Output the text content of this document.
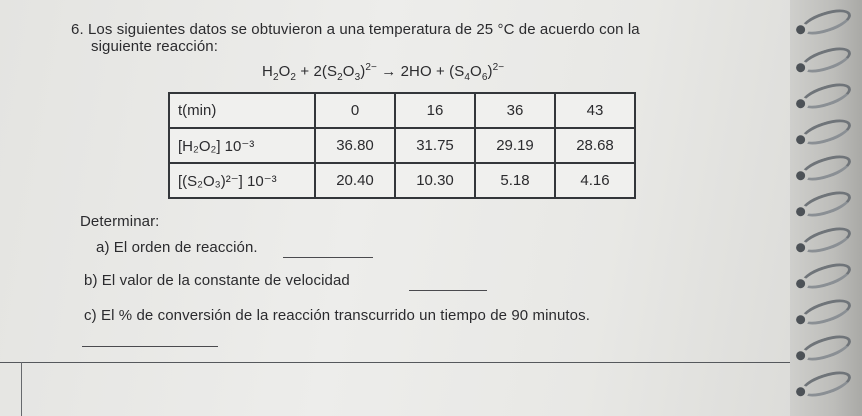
6. Los siguientes datos se obtuvieron a una temperatura de 25 °C de acuerdo con la
siguiente reacción:
$H_2O_2 + 2(S_2O_3)^{2-} \to 2HO + (S_4O_6)^{2-}$
t(min)	0	16	36	43
[H₂O₂] 10⁻³	36.80	31.75	29.19	28.68
[(S₂O₃)²⁻] 10⁻³	20.40	10.30	5.18	4.16
Determinar:
a) El orden de reacción.
b) El valor de la constante de velocidad
c) El % de conversión de la reacción transcurrido un tiempo de 90 minutos.
